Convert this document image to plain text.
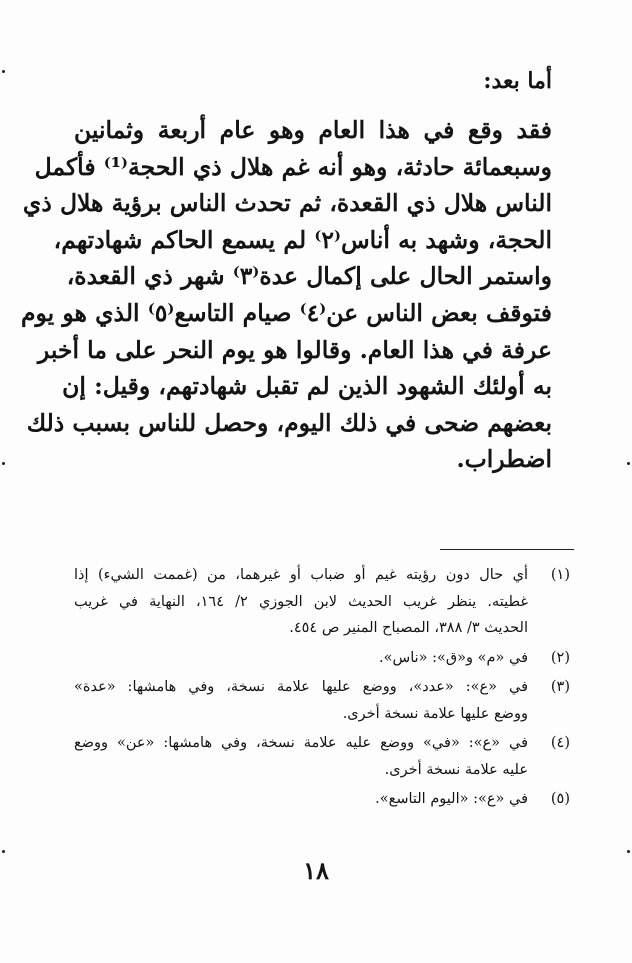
أما بعد:
فقد وقع في هذا العام وهو عام أربعة وثمانين
وسبعمائة حادثة، وهو أنه غم هلال ذي الحجة⁽¹⁾ فأكمل
الناس هلال ذي القعدة، ثم تحدث الناس برؤية هلال ذي
الحجة، وشهد به أناس⁽٢⁾ لم يسمع الحاكم شهادتهم،
واستمر الحال على إكمال عدة⁽٣⁾ شهر ذي القعدة،
فتوقف بعض الناس عن⁽٤⁾ صيام التاسع⁽٥⁾ الذي هو يوم
عرفة في هذا العام. وقالوا هو يوم النحر على ما أخبر
به أولئك الشهود الذين لم تقبل شهادتهم، وقيل: إن
بعضهم ضحى في ذلك اليوم، وحصل للناس بسبب ذلك
اضطراب.
(١)
أي حال دون رؤيته غيم أو ضباب أو غيرهما، من (غممت الشيء) إذا
غطيته. ينظر غريب الحديث لابن الجوزي ٢/ ١٦٤، النهاية في غريب
الحديث ٣/ ٣٨٨، المصباح المنير ص ٤٥٤.
(٢)
في «م» و«ق»: «ناس».
(٣)
في «ع»: «عدد»، ووضع عليها علامة نسخة، وفي هامشها: «عدة»
ووضع عليها علامة نسخة أخرى.
(٤)
في «ع»: «في» ووضع عليه علامة نسخة، وفي هامشها: «عن» ووضع
عليه علامة نسخة أخرى.
(٥)
في «ع»: «اليوم التاسع».
١٨
